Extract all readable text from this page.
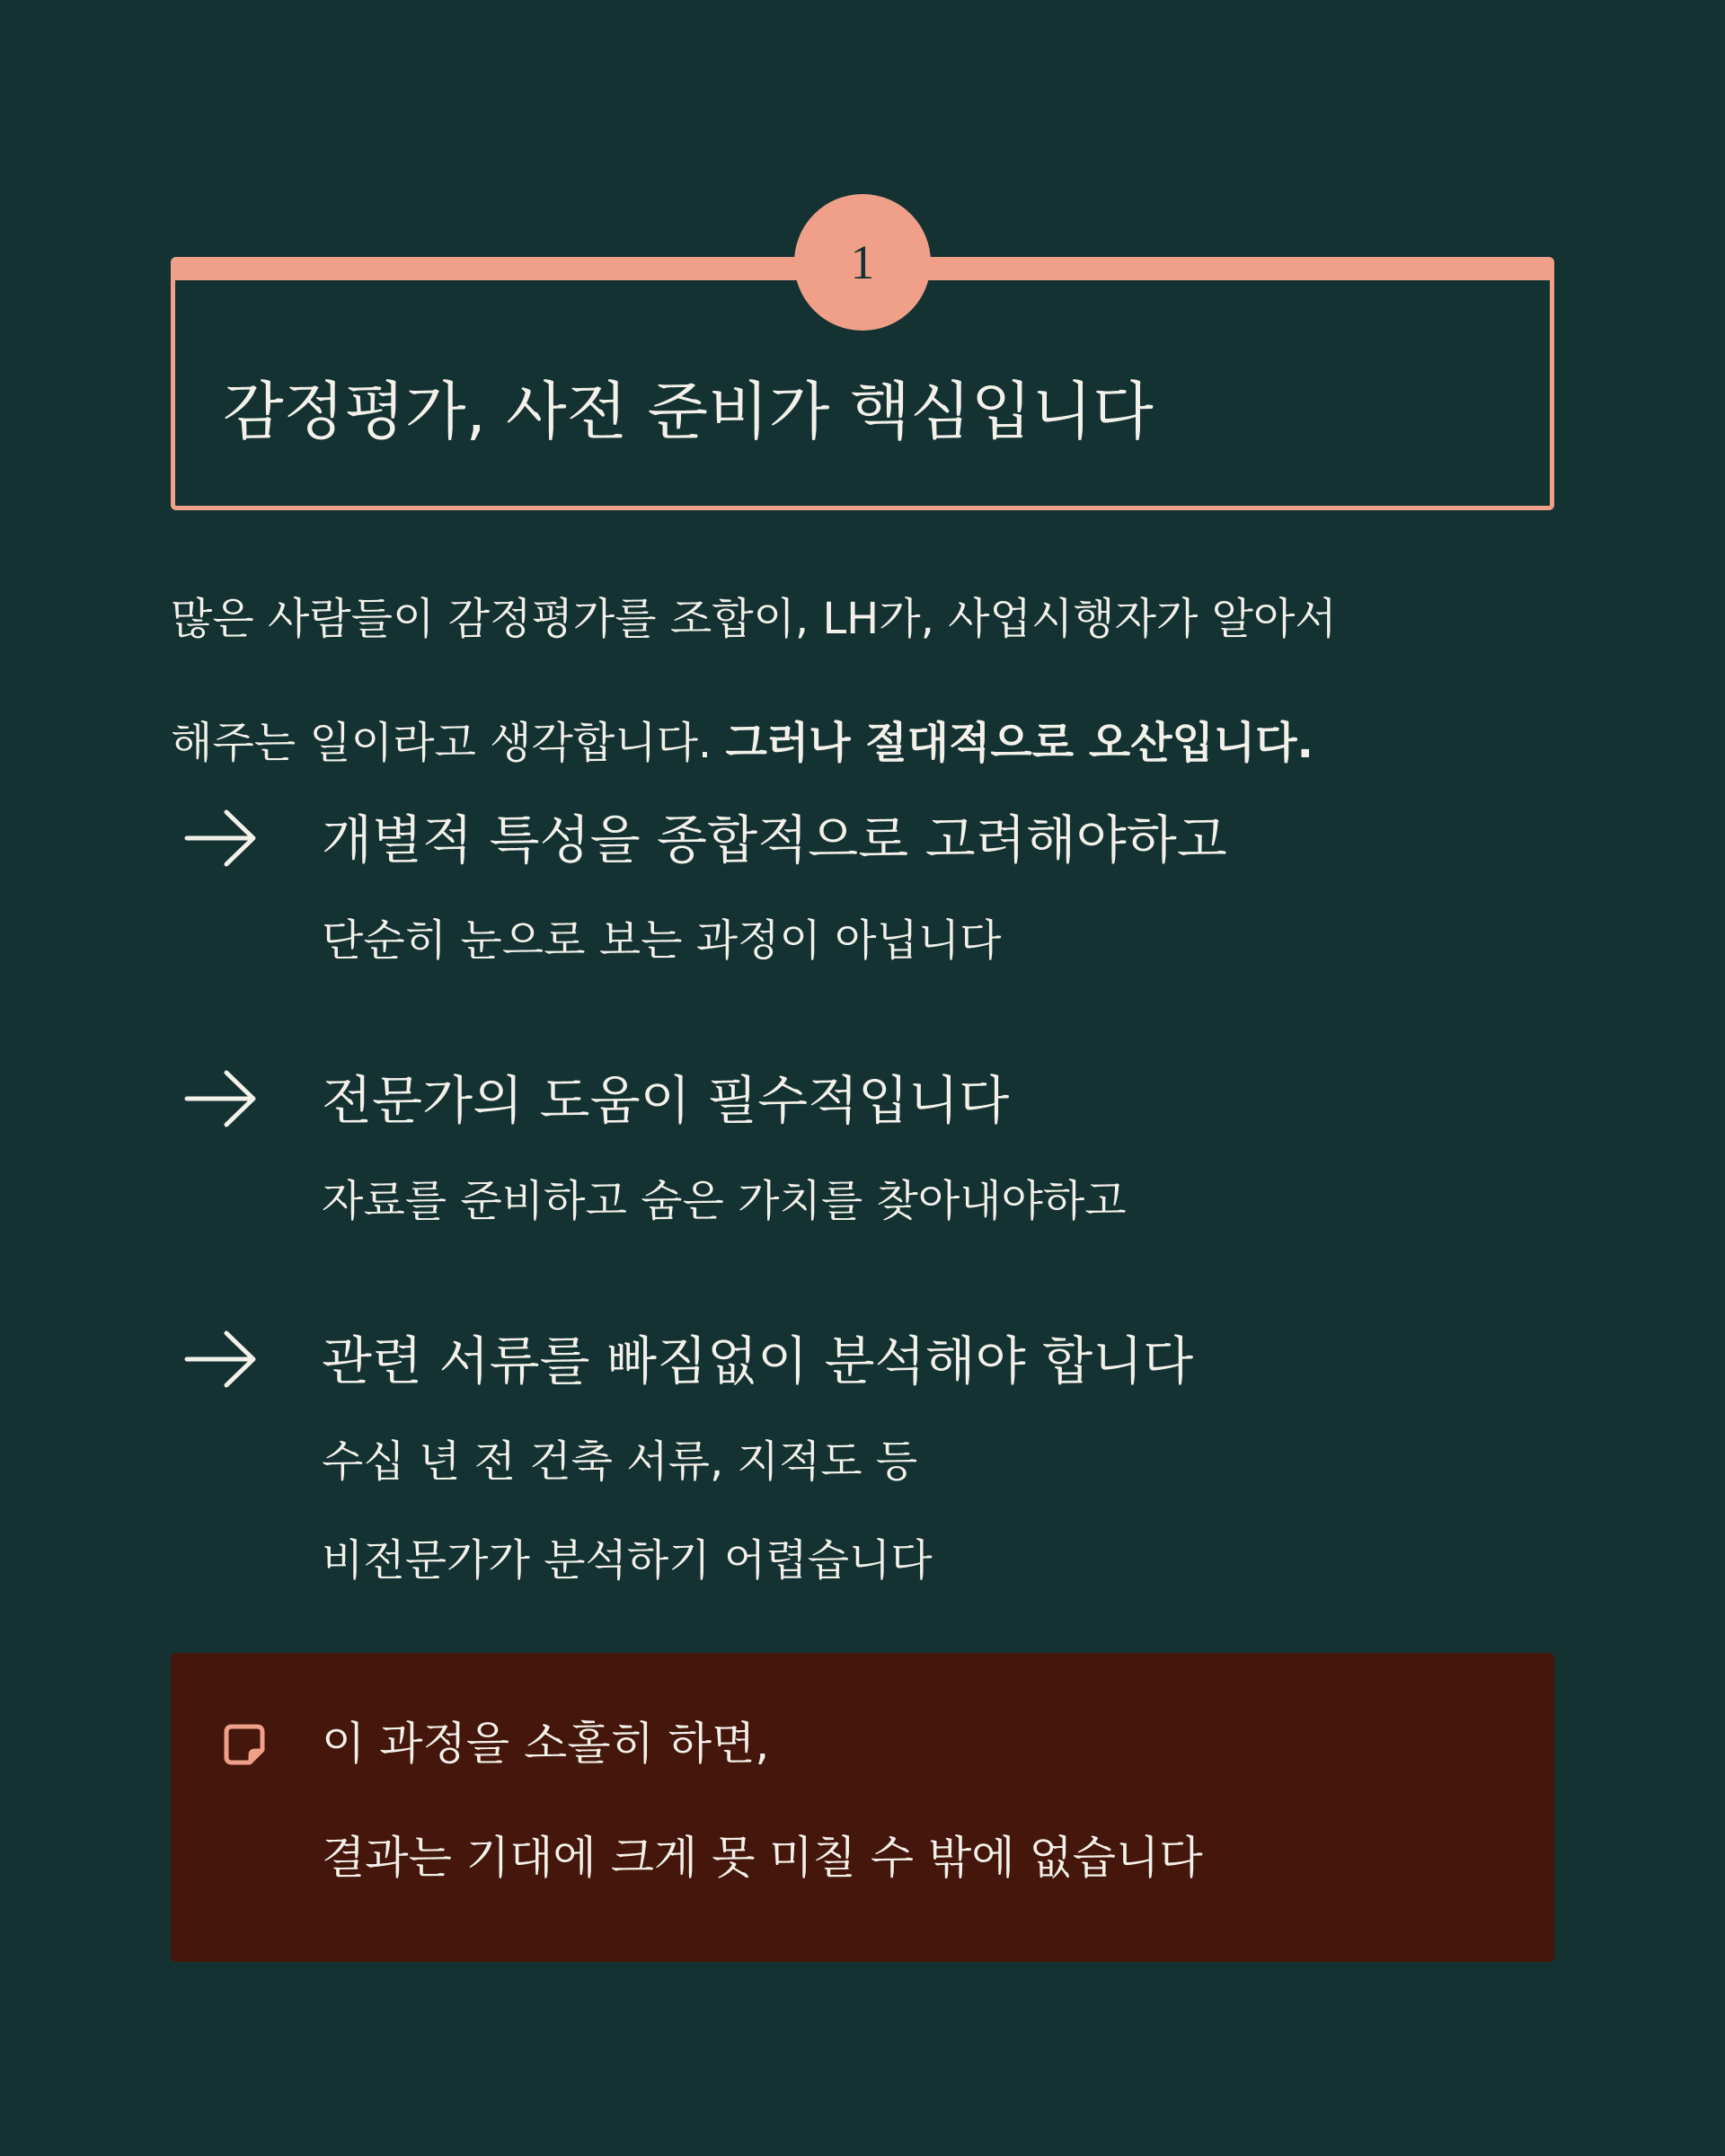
1
감정평가, 사전 준비가 핵심입니다

많은 사람들이 감정평가를 조합이, LH가, 사업시행자가 알아서
해주는 일이라고 생각합니다. 그러나 절대적으로 오산입니다.

개별적 특성을 종합적으로 고려해야하고
단순히 눈으로 보는 과정이 아닙니다
전문가의 도움이 필수적입니다
자료를 준비하고 숨은 가치를 찾아내야하고
관련 서류를 빠짐없이 분석해야 합니다
수십 년 전 건축 서류, 지적도 등
비전문가가 분석하기 어렵습니다
이 과정을 소홀히 하면,
결과는 기대에 크게 못 미칠 수 밖에 없습니다
